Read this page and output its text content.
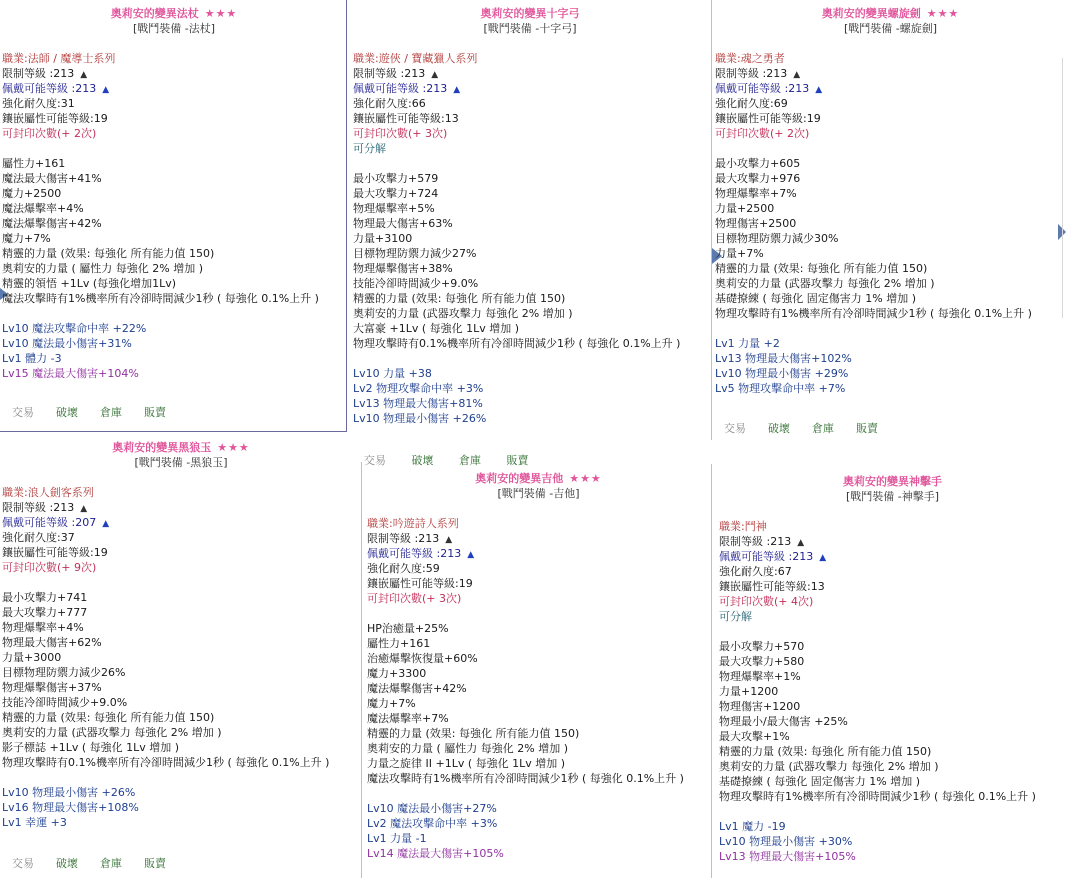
交易 破壞 倉庫 販賣
奧莉安的變異法杖 ★★★
[戰鬥裝備 -法杖]
職業:法師 / 魔導士系列
限制等級 :213 ▲
佩戴可能等級 :213 ▲
強化耐久度:31
鑲嵌屬性可能等級:19
可封印次數(+ 2次)
屬性力+161
魔法最大傷害+41%
魔力+2500
魔法爆擊率+4%
魔法爆擊傷害+42%
魔力+7%
精靈的力量 (效果: 每強化 所有能力值 150)
奧莉安的力量 ( 屬性力 每強化 2% 增加 )
精靈的領悟 +1Lv (每強化增加1Lv)
魔法攻擊時有1%機率所有冷卻時間減少1秒 ( 每強化 0.1%上升 )
Lv10 魔法攻擊命中率 +22%
Lv10 魔法最小傷害+31%
Lv1 體力 -3
Lv15 魔法最大傷害+104%
交易 破壞 倉庫 販賣
奧莉安的變異十字弓
[戰鬥裝備 -十字弓]
職業:遊俠 / 寶藏獵人系列
限制等級 :213 ▲
佩戴可能等級 :213 ▲
強化耐久度:66
鑲嵌屬性可能等級:13
可封印次數(+ 3次)
可分解
最小攻擊力+579
最大攻擊力+724
物理爆擊率+5%
物理最大傷害+63%
力量+3100
目標物理防禦力減少27%
物理爆擊傷害+38%
技能冷卻時間減少+9.0%
精靈的力量 (效果: 每強化 所有能力值 150)
奧莉安的力量 (武器攻擊力 每強化 2% 增加 )
大富豪 +1Lv ( 每強化 1Lv 增加 )
物理攻擊時有0.1%機率所有冷卻時間減少1秒 ( 每強化 0.1%上升 )
Lv10 力量 +38
Lv2 物理攻擊命中率 +3%
Lv13 物理最大傷害+81%
Lv10 物理最小傷害 +26%
奧莉安的變異螺旋劍 ★★★
[戰鬥裝備 -螺旋劍]
職業:魂之勇者
限制等級 :213 ▲
佩戴可能等級 :213 ▲
強化耐久度:69
鑲嵌屬性可能等級:19
可封印次數(+ 2次)
最小攻擊力+605
最大攻擊力+976
物理爆擊率+7%
力量+2500
物理傷害+2500
目標物理防禦力減少30%
力量+7%
精靈的力量 (效果: 每強化 所有能力值 150)
奧莉安的力量 (武器攻擊力 每強化 2% 增加 )
基礎撩練 ( 每強化 固定傷害力 1% 增加 )
物理攻擊時有1%機率所有冷卻時間減少1秒 ( 每強化 0.1%上升 )
Lv1 力量 +2
Lv13 物理最大傷害+102%
Lv10 物理最小傷害 +29%
Lv5 物理攻擊命中率 +7%
交易 破壞 倉庫 販賣
奧莉安的變異黑狼玉 ★★★
[戰鬥裝備 -黑狼玉]
職業:浪人劍客系列
限制等級 :213 ▲
佩戴可能等級 :207 ▲
強化耐久度:37
鑲嵌屬性可能等級:19
可封印次數(+ 9次)
最小攻擊力+741
最大攻擊力+777
物理爆擊率+4%
物理最大傷害+62%
力量+3000
目標物理防禦力減少26%
物理爆擊傷害+37%
技能冷卻時間減少+9.0%
精靈的力量 (效果: 每強化 所有能力值 150)
奧莉安的力量 (武器攻擊力 每強化 2% 增加 )
影子標誌 +1Lv ( 每強化 1Lv 增加 )
物理攻擊時有0.1%機率所有冷卻時間減少1秒 ( 每強化 0.1%上升 )
Lv10 物理最小傷害 +26%
Lv16 物理最大傷害+108%
Lv1 幸運 +3
交易 破壞 倉庫 販賣
奧莉安的變異吉他 ★★★
[戰鬥裝備 -吉他]
職業:吟遊詩人系列
限制等級 :213 ▲
佩戴可能等級 :213 ▲
強化耐久度:59
鑲嵌屬性可能等級:19
可封印次數(+ 3次)
HP治癒量+25%
屬性力+161
治癒爆擊恢復量+60%
魔力+3300
魔法爆擊傷害+42%
魔力+7%
魔法爆擊率+7%
精靈的力量 (效果: 每強化 所有能力值 150)
奧莉安的力量 ( 屬性力 每強化 2% 增加 )
力量之旋律 II +1Lv ( 每強化 1Lv 增加 )
魔法攻擊時有1%機率所有冷卻時間減少1秒 ( 每強化 0.1%上升 )
Lv10 魔法最小傷害+27%
Lv2 魔法攻擊命中率 +3%
Lv1 力量 -1
Lv14 魔法最大傷害+105%
奧莉安的變異神擊手
[戰鬥裝備 -神擊手]
職業:鬥神
限制等級 :213 ▲
佩戴可能等級 :213 ▲
強化耐久度:67
鑲嵌屬性可能等級:13
可封印次數(+ 4次)
可分解
最小攻擊力+570
最大攻擊力+580
物理爆擊率+1%
力量+1200
物理傷害+1200
物理最小/最大傷害 +25%
最大攻擊+1%
精靈的力量 (效果: 每強化 所有能力值 150)
奧莉安的力量 (武器攻擊力 每強化 2% 增加 )
基礎撩練 ( 每強化 固定傷害力 1% 增加 )
物理攻擊時有1%機率所有冷卻時間減少1秒 ( 每強化 0.1%上升 )
Lv1 魔力 -19
Lv10 物理最小傷害 +30%
Lv13 物理最大傷害+105%
